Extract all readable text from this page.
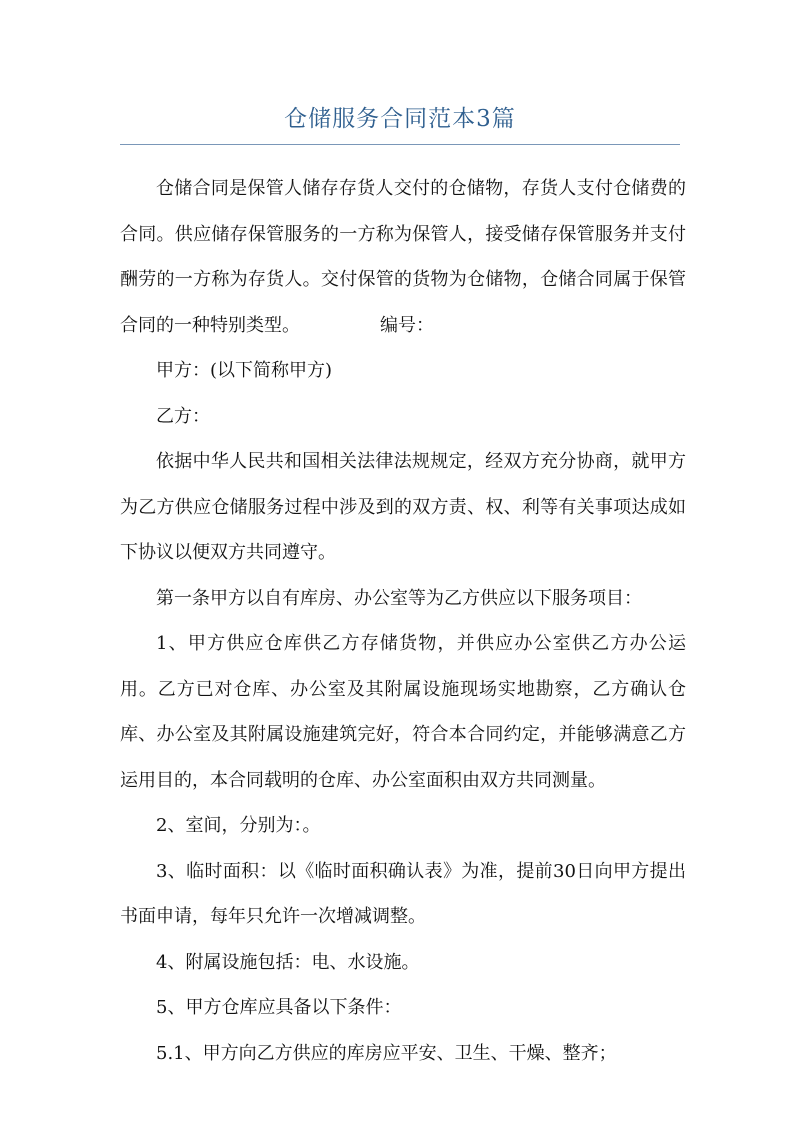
仓储服务合同范本3篇

仓储合同是保管人储存存货人交付的仓储物，存货人支付仓储费的合同。供应储存保管服务的一方称为保管人，接受储存保管服务并支付酬劳的一方称为存货人。交付保管的货物为仓储物，仓储合同属于保管合同的一种特别类型。	编号：

甲方：(以下简称甲方)

乙方：

依据中华人民共和国相关法律法规规定，经双方充分协商，就甲方为乙方供应仓储服务过程中涉及到的双方责、权、利等有关事项达成如下协议以便双方共同遵守。

第一条甲方以自有库房、办公室等为乙方供应以下服务项目：

1、甲方供应仓库供乙方存储货物，并供应办公室供乙方办公运用。乙方已对仓库、办公室及其附属设施现场实地勘察，乙方确认仓库、办公室及其附属设施建筑完好，符合本合同约定，并能够满意乙方运用目的，本合同载明的仓库、办公室面积由双方共同测量。

2、室间，分别为：。

3、临时面积：以《临时面积确认表》为准，提前30日向甲方提出书面申请，每年只允许一次增减调整。

4、附属设施包括：电、水设施。

5、甲方仓库应具备以下条件：

5.1、甲方向乙方供应的库房应平安、卫生、干燥、整齐；
